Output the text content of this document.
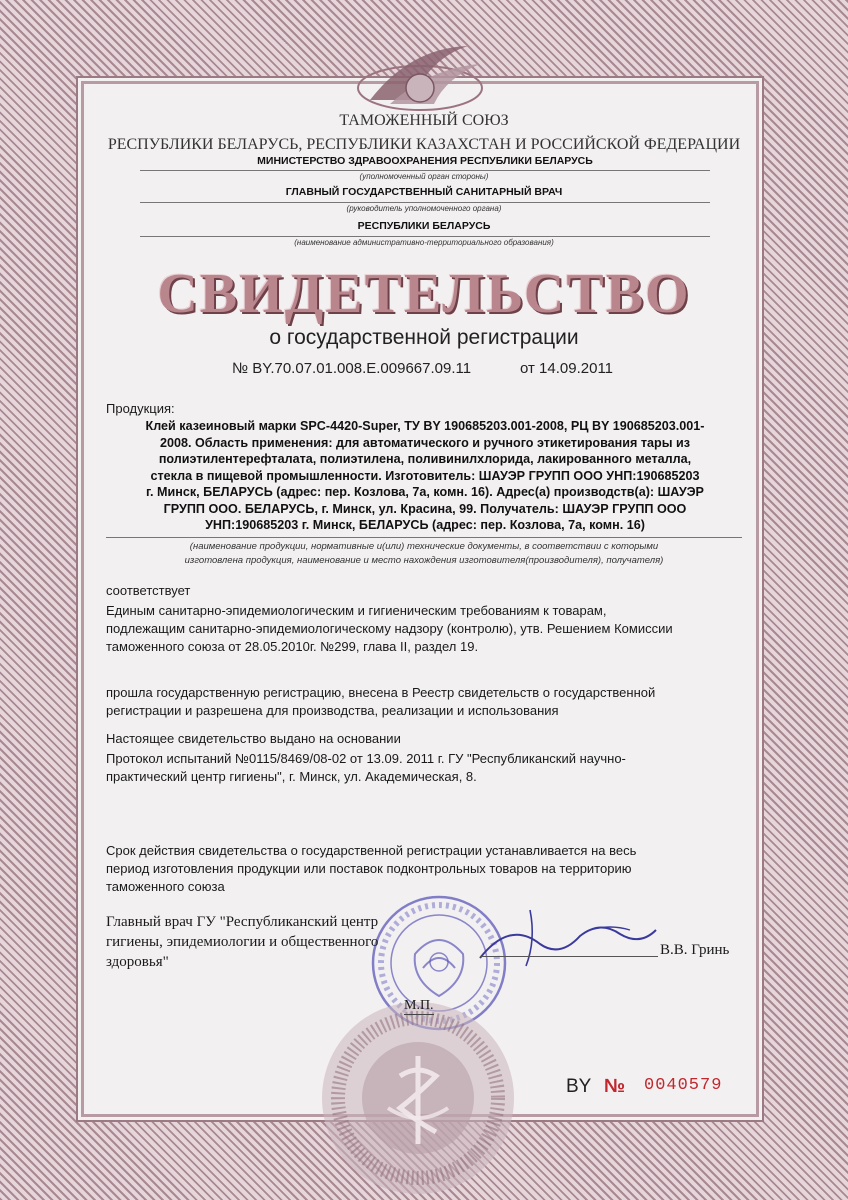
ТАМОЖЕННЫЙ СОЮЗ
РЕСПУБЛИКИ БЕЛАРУСЬ, РЕСПУБЛИКИ КАЗАХСТАН И РОССИЙСКОЙ ФЕДЕРАЦИИ
МИНИСТЕРСТВО ЗДРАВООХРАНЕНИЯ РЕСПУБЛИКИ БЕЛАРУСЬ
(уполномоченный орган стороны)
ГЛАВНЫЙ ГОСУДАРСТВЕННЫЙ САНИТАРНЫЙ ВРАЧ
(руководитель уполномоченного органа)
РЕСПУБЛИКИ БЕЛАРУСЬ
(наименование административно-территориального образования)
СВИДЕТЕЛЬСТВО
о государственной регистрации
№ BY.70.07.01.008.Е.009667.09.11	от 14.09.2011
Продукция:
Клей казеиновый марки SPC-4420-Super, ТУ BY 190685203.001-2008, РЦ BY 190685203.001-
2008. Область применения: для автоматического и ручного этикетирования тары из
полиэтилентерефталата, полиэтилена, поливинилхлорида, лакированного металла,
стекла в пищевой промышленности. Изготовитель: ШАУЭР ГРУПП ООО УНП:190685203
г. Минск, БЕЛАРУСЬ (адрес: пер. Козлова, 7а, комн. 16). Адрес(а) производств(а): ШАУЭР
ГРУПП ООО. БЕЛАРУСЬ, г. Минск, ул. Красина, 99. Получатель: ШАУЭР ГРУПП ООО
УНП:190685203 г. Минск, БЕЛАРУСЬ (адрес: пер. Козлова, 7а, комн. 16)
(наименование продукции, нормативные и(или) технические документы, в соответствии с которыми
изготовлена продукция, наименование и место нахождения изготовителя(производителя), получателя)
соответствует
Единым санитарно-эпидемиологическим и гигиеническим требованиям к товарам,
подлежащим санитарно-эпидемиологическому надзору (контролю), утв. Решением Комиссии
таможенного союза от 28.05.2010г. №299, глава II, раздел 19.
прошла государственную регистрацию, внесена в Реестр свидетельств о государственной
регистрации и разрешена для производства, реализации и использования
Настоящее свидетельство выдано на основании
Протокол испытаний №0115/8469/08-02 от 13.09. 2011 г. ГУ "Республиканский научно-
практический центр гигиены", г. Минск, ул. Академическая, 8.
Срок действия свидетельства о государственной регистрации устанавливается на весь
период изготовления продукции или поставок подконтрольных товаров на территорию
таможенного союза
Главный врач ГУ "Республиканский центр
гигиены, эпидемиологии и общественного
здоровья"
В.В. Гринь
М.П.
BY № 0040579
